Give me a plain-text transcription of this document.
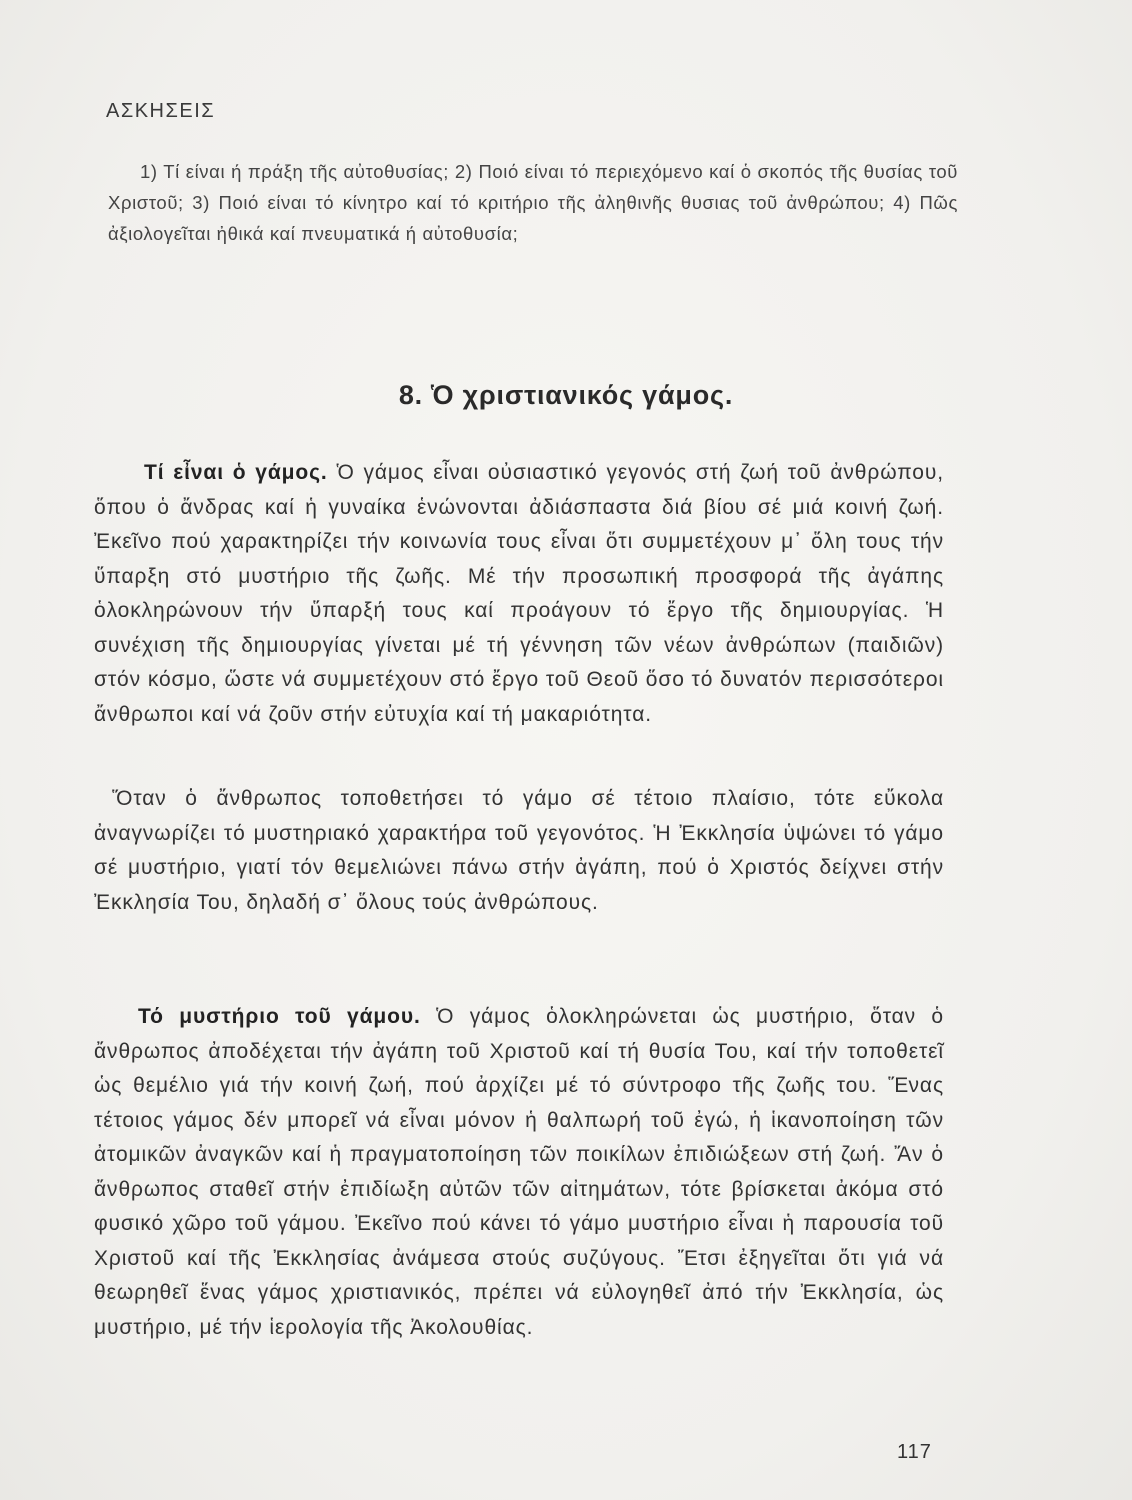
ΑΣΚΗΣΕΙΣ
1) Τί είναι ή πράξη τῆς αὐτοθυσίας; 2) Ποιό είναι τό περιεχόμενο καί ὁ σκοπός τῆς θυσίας τοῦ Χριστοῦ; 3) Ποιό είναι τό κίνητρο καί τό κριτήριο τῆς ἀληθινῆς θυσιας τοῦ ἀνθρώπου; 4) Πῶς ἀξιολογεῖται ἠθικά καί πνευματικά ή αὐτοθυσία;
8. Ὁ χριστιανικός γάμος.
Τί εἶναι ὁ γάμος. Ὁ γάμος εἶναι οὐσιαστικό γεγονός στή ζωή τοῦ ἀνθρώπου, ὅπου ὁ ἄνδρας καί ἡ γυναίκα ἑνώνονται ἀδιάσπαστα διά βίου σέ μιά κοινή ζωή. Ἐκεῖνο πού χαρακτηρίζει τήν κοινωνία τους εἶναι ὅτι συμμετέχουν μ᾽ ὅλη τους τήν ὕπαρξη στό μυστήριο τῆς ζωῆς. Μέ τήν προσωπική προσφορά τῆς ἀγάπης ὁλοκληρώνουν τήν ὕπαρξή τους καί προάγουν τό ἔργο τῆς δημιουργίας. Ἡ συνέχιση τῆς δημιουργίας γίνεται μέ τή γέννηση τῶν νέων ἀνθρώπων (παιδιῶν) στόν κόσμο, ὥστε νά συμμετέχουν στό ἔργο τοῦ Θεοῦ ὅσο τό δυνατόν περισσότεροι ἄνθρωποι καί νά ζοῦν στήν εὐτυχία καί τή μακαριότητα.
Ὅταν ὁ ἄνθρωπος τοποθετήσει τό γάμο σέ τέτοιο πλαίσιο, τότε εὔκολα ἀναγνωρίζει τό μυστηριακό χαρακτήρα τοῦ γεγονότος. Ἡ Ἐκκλησία ὑψώνει τό γάμο σέ μυστήριο, γιατί τόν θεμελιώνει πάνω στήν ἀγάπη, πού ὁ Χριστός δείχνει στήν Ἐκκλησία Του, δηλαδή σ᾽ ὅλους τούς ἀνθρώπους.
Τό μυστήριο τοῦ γάμου. Ὁ γάμος ὁλοκληρώνεται ὡς μυστήριο, ὅταν ὁ ἄνθρωπος ἀποδέχεται τήν ἀγάπη τοῦ Χριστοῦ καί τή θυσία Του, καί τήν τοποθετεῖ ὡς θεμέλιο γιά τήν κοινή ζωή, πού ἀρχίζει μέ τό σύντροφο τῆς ζωῆς του. Ἕνας τέτοιος γάμος δέν μπορεῖ νά εἶναι μόνον ἡ θαλπωρή τοῦ ἐγώ, ἡ ἱκανοποίηση τῶν ἀτομικῶν ἀναγκῶν καί ἡ πραγματοποίηση τῶν ποικίλων ἐπιδιώξεων στή ζωή. Ἄν ὁ ἄνθρωπος σταθεῖ στήν ἐπιδίωξη αὐτῶν τῶν αἰτημάτων, τότε βρίσκεται ἀκόμα στό φυσικό χῶρο τοῦ γάμου. Ἐκεῖνο πού κάνει τό γάμο μυστήριο εἶναι ἡ παρουσία τοῦ Χριστοῦ καί τῆς Ἐκκλησίας ἀνάμεσα στούς συζύγους. Ἔτσι ἐξηγεῖται ὅτι γιά νά θεωρηθεῖ ἕνας γάμος χριστιανικός, πρέπει νά εὐλογηθεῖ ἀπό τήν Ἐκκλησία, ὡς μυστήριο, μέ τήν ἱερολογία τῆς Ἀκολουθίας.
117
